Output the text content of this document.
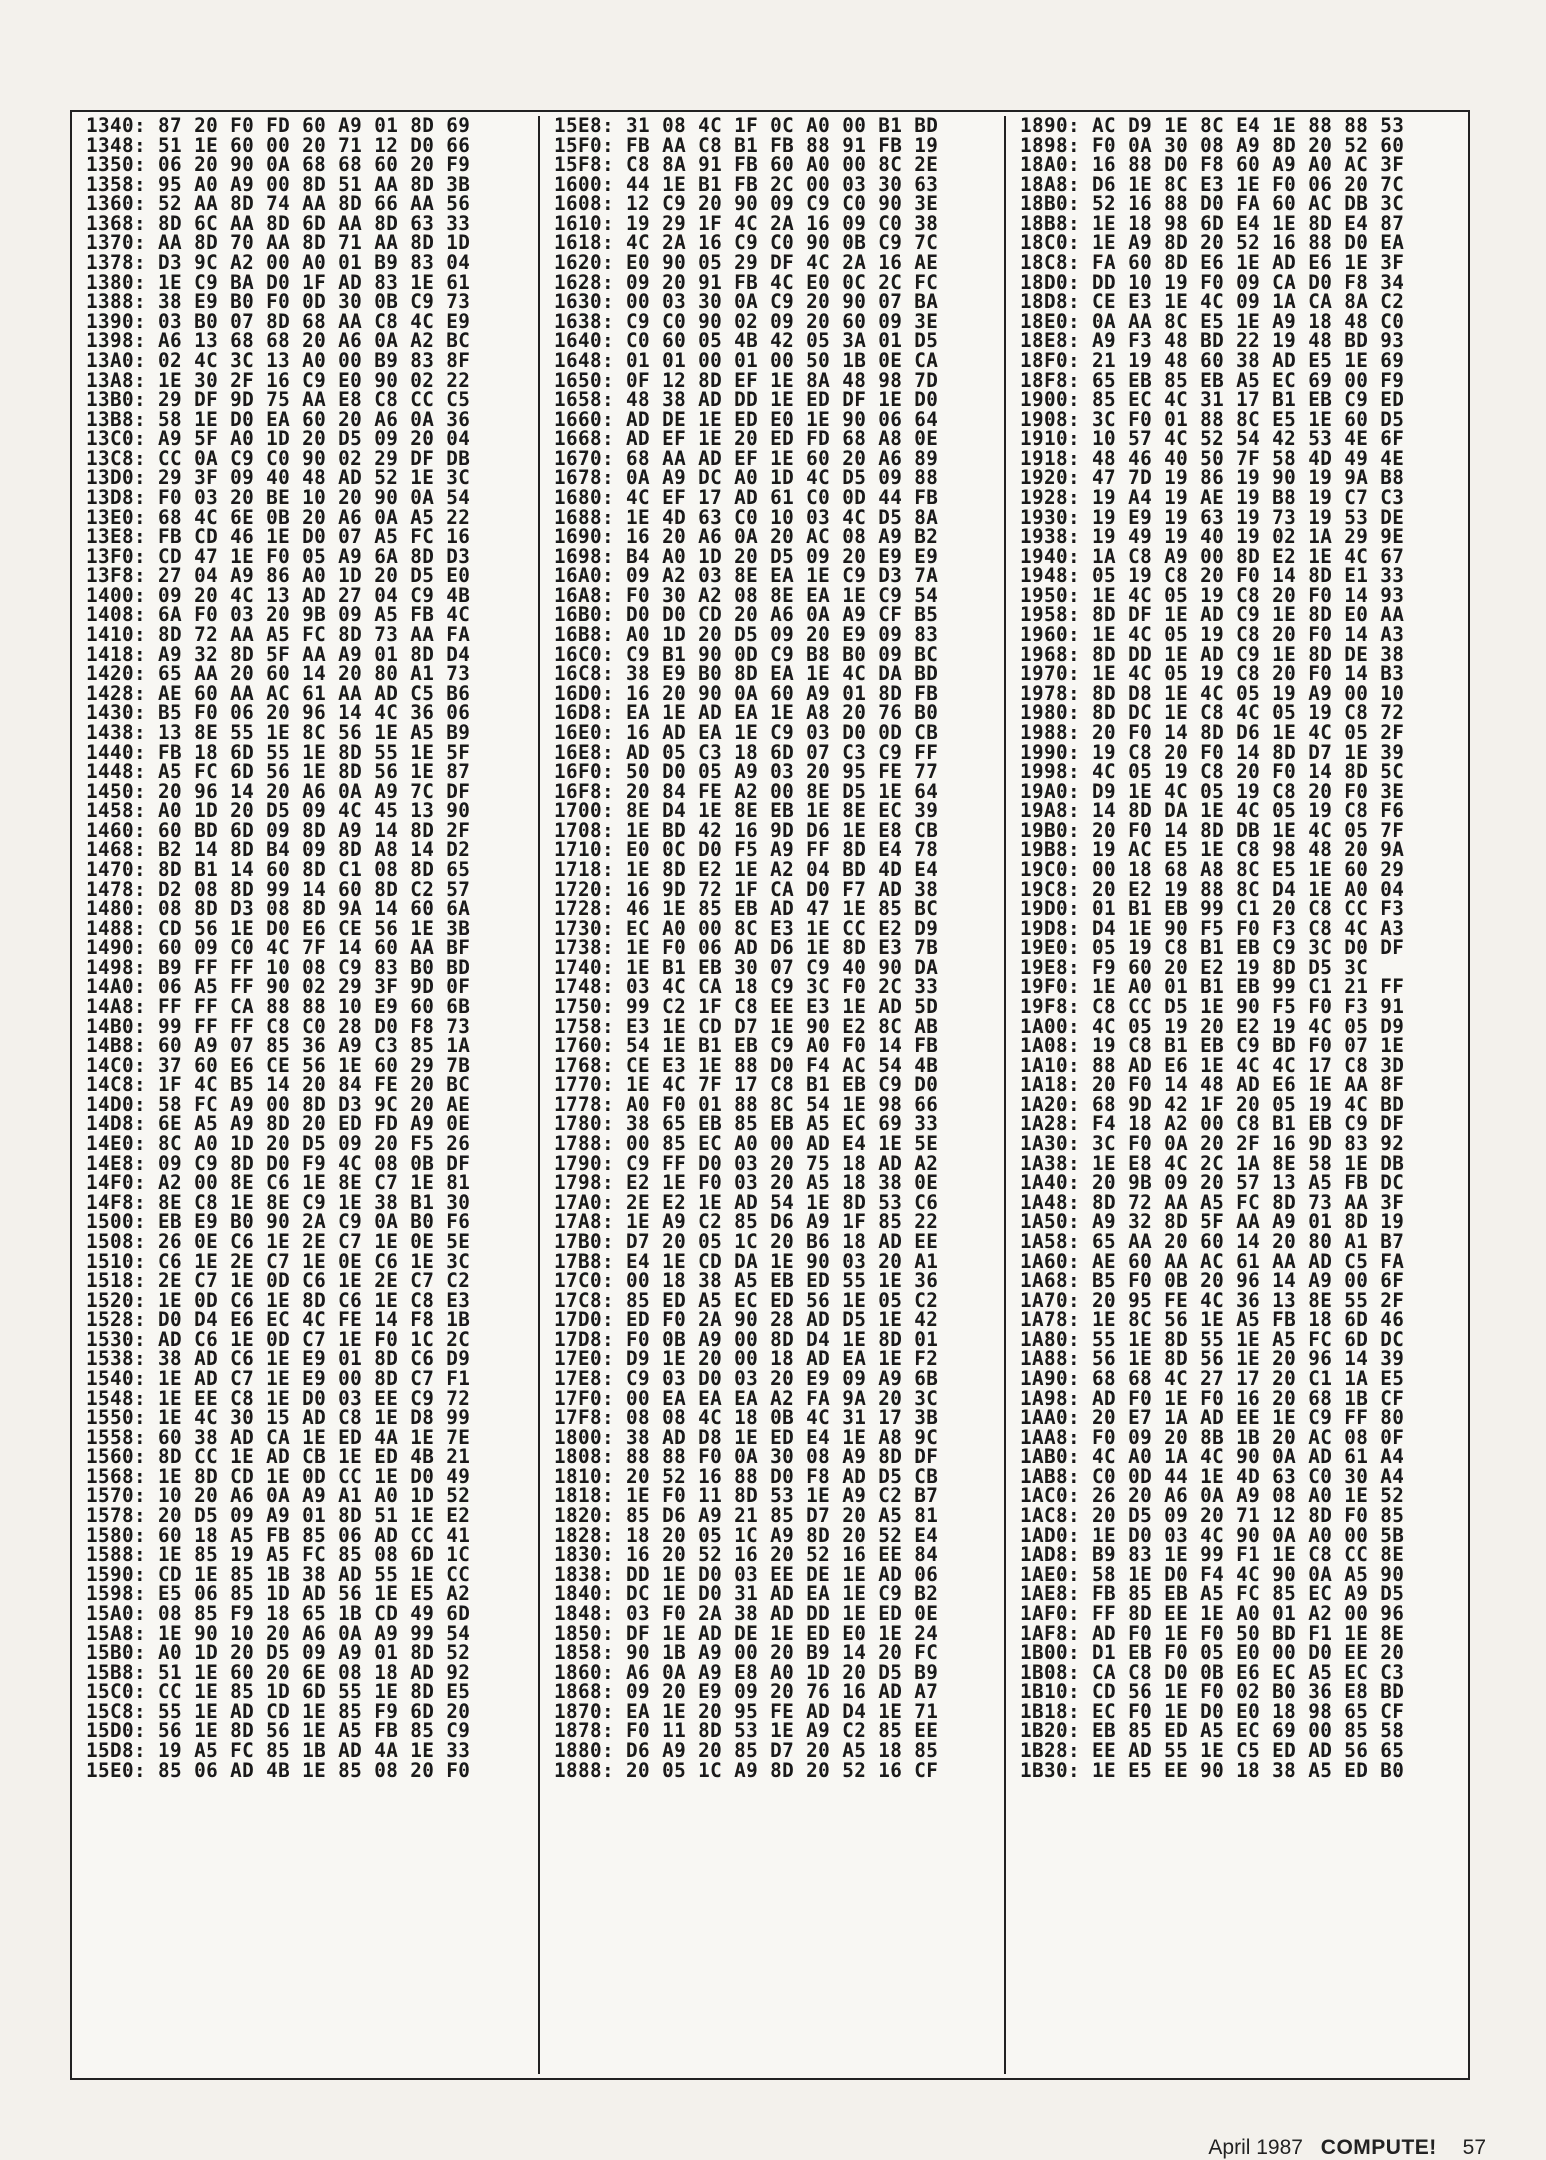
1340: 87 20 F0 FD 60 A9 01 8D 69
1348: 51 1E 60 00 20 71 12 D0 66
1350: 06 20 90 0A 68 68 60 20 F9
1358: 95 A0 A9 00 8D 51 AA 8D 3B
1360: 52 AA 8D 74 AA 8D 66 AA 56
1368: 8D 6C AA 8D 6D AA 8D 63 33
1370: AA 8D 70 AA 8D 71 AA 8D 1D
1378: D3 9C A2 00 A0 01 B9 83 04
1380: 1E C9 BA D0 1F AD 83 1E 61
1388: 38 E9 B0 F0 0D 30 0B C9 73
1390: 03 B0 07 8D 68 AA C8 4C E9
1398: A6 13 68 68 20 A6 0A A2 BC
13A0: 02 4C 3C 13 A0 00 B9 83 8F
13A8: 1E 30 2F 16 C9 E0 90 02 22
13B0: 29 DF 9D 75 AA E8 C8 CC C5
13B8: 58 1E D0 EA 60 20 A6 0A 36
13C0: A9 5F A0 1D 20 D5 09 20 04
13C8: CC 0A C9 C0 90 02 29 DF DB
13D0: 29 3F 09 40 48 AD 52 1E 3C
13D8: F0 03 20 BE 10 20 90 0A 54
13E0: 68 4C 6E 0B 20 A6 0A A5 22
13E8: FB CD 46 1E D0 07 A5 FC 16
13F0: CD 47 1E F0 05 A9 6A 8D D3
13F8: 27 04 A9 86 A0 1D 20 D5 E0
1400: 09 20 4C 13 AD 27 04 C9 4B
1408: 6A F0 03 20 9B 09 A5 FB 4C
1410: 8D 72 AA A5 FC 8D 73 AA FA
1418: A9 32 8D 5F AA A9 01 8D D4
1420: 65 AA 20 60 14 20 80 A1 73
1428: AE 60 AA AC 61 AA AD C5 B6
1430: B5 F0 06 20 96 14 4C 36 06
1438: 13 8E 55 1E 8C 56 1E A5 B9
1440: FB 18 6D 55 1E 8D 55 1E 5F
1448: A5 FC 6D 56 1E 8D 56 1E 87
1450: 20 96 14 20 A6 0A A9 7C DF
1458: A0 1D 20 D5 09 4C 45 13 90
1460: 60 BD 6D 09 8D A9 14 8D 2F
1468: B2 14 8D B4 09 8D A8 14 D2
1470: 8D B1 14 60 8D C1 08 8D 65
1478: D2 08 8D 99 14 60 8D C2 57
1480: 08 8D D3 08 8D 9A 14 60 6A
1488: CD 56 1E D0 E6 CE 56 1E 3B
1490: 60 09 C0 4C 7F 14 60 AA BF
1498: B9 FF FF 10 08 C9 83 B0 BD
14A0: 06 A5 FF 90 02 29 3F 9D 0F
14A8: FF FF CA 88 88 10 E9 60 6B
14B0: 99 FF FF C8 C0 28 D0 F8 73
14B8: 60 A9 07 85 36 A9 C3 85 1A
14C0: 37 60 E6 CE 56 1E 60 29 7B
14C8: 1F 4C B5 14 20 84 FE 20 BC
14D0: 58 FC A9 00 8D D3 9C 20 AE
14D8: 6E A5 A9 8D 20 ED FD A9 0E
14E0: 8C A0 1D 20 D5 09 20 F5 26
14E8: 09 C9 8D D0 F9 4C 08 0B DF
14F0: A2 00 8E C6 1E 8E C7 1E 81
14F8: 8E C8 1E 8E C9 1E 38 B1 30
1500: EB E9 B0 90 2A C9 0A B0 F6
1508: 26 0E C6 1E 2E C7 1E 0E 5E
1510: C6 1E 2E C7 1E 0E C6 1E 3C
1518: 2E C7 1E 0D C6 1E 2E C7 C2
1520: 1E 0D C6 1E 8D C6 1E C8 E3
1528: D0 D4 E6 EC 4C FE 14 F8 1B
1530: AD C6 1E 0D C7 1E F0 1C 2C
1538: 38 AD C6 1E E9 01 8D C6 D9
1540: 1E AD C7 1E E9 00 8D C7 F1
1548: 1E EE C8 1E D0 03 EE C9 72
1550: 1E 4C 30 15 AD C8 1E D8 99
1558: 60 38 AD CA 1E ED 4A 1E 7E
1560: 8D CC 1E AD CB 1E ED 4B 21
1568: 1E 8D CD 1E 0D CC 1E D0 49
1570: 10 20 A6 0A A9 A1 A0 1D 52
1578: 20 D5 09 A9 01 8D 51 1E E2
1580: 60 18 A5 FB 85 06 AD CC 41
1588: 1E 85 19 A5 FC 85 08 6D 1C
1590: CD 1E 85 1B 38 AD 55 1E CC
1598: E5 06 85 1D AD 56 1E E5 A2
15A0: 08 85 F9 18 65 1B CD 49 6D
15A8: 1E 90 10 20 A6 0A A9 99 54
15B0: A0 1D 20 D5 09 A9 01 8D 52
15B8: 51 1E 60 20 6E 08 18 AD 92
15C0: CC 1E 85 1D 6D 55 1E 8D E5
15C8: 55 1E AD CD 1E 85 F9 6D 20
15D0: 56 1E 8D 56 1E A5 FB 85 C9
15D8: 19 A5 FC 85 1B AD 4A 1E 33
15E0: 85 06 AD 4B 1E 85 08 20 F0
15E8: 31 08 4C 1F 0C A0 00 B1 BD
15F0: FB AA C8 B1 FB 88 91 FB 19
15F8: C8 8A 91 FB 60 A0 00 8C 2E
1600: 44 1E B1 FB 2C 00 03 30 63
1608: 12 C9 20 90 09 C9 C0 90 3E
1610: 19 29 1F 4C 2A 16 09 C0 38
1618: 4C 2A 16 C9 C0 90 0B C9 7C
1620: E0 90 05 29 DF 4C 2A 16 AE
1628: 09 20 91 FB 4C E0 0C 2C FC
1630: 00 03 30 0A C9 20 90 07 BA
1638: C9 C0 90 02 09 20 60 09 3E
1640: C0 60 05 4B 42 05 3A 01 D5
1648: 01 01 00 01 00 50 1B 0E CA
1650: 0F 12 8D EF 1E 8A 48 98 7D
1658: 48 38 AD DD 1E ED DF 1E D0
1660: AD DE 1E ED E0 1E 90 06 64
1668: AD EF 1E 20 ED FD 68 A8 0E
1670: 68 AA AD EF 1E 60 20 A6 89
1678: 0A A9 DC A0 1D 4C D5 09 88
1680: 4C EF 17 AD 61 C0 0D 44 FB
1688: 1E 4D 63 C0 10 03 4C D5 8A
1690: 16 20 A6 0A 20 AC 08 A9 B2
1698: B4 A0 1D 20 D5 09 20 E9 E9
16A0: 09 A2 03 8E EA 1E C9 D3 7A
16A8: F0 30 A2 08 8E EA 1E C9 54
16B0: D0 D0 CD 20 A6 0A A9 CF B5
16B8: A0 1D 20 D5 09 20 E9 09 83
16C0: C9 B1 90 0D C9 B8 B0 09 BC
16C8: 38 E9 B0 8D EA 1E 4C DA BD
16D0: 16 20 90 0A 60 A9 01 8D FB
16D8: EA 1E AD EA 1E A8 20 76 B0
16E0: 16 AD EA 1E C9 03 D0 0D CB
16E8: AD 05 C3 18 6D 07 C3 C9 FF
16F0: 50 D0 05 A9 03 20 95 FE 77
16F8: 20 84 FE A2 00 8E D5 1E 64
1700: 8E D4 1E 8E EB 1E 8E EC 39
1708: 1E BD 42 16 9D D6 1E E8 CB
1710: E0 0C D0 F5 A9 FF 8D E4 78
1718: 1E 8D E2 1E A2 04 BD 4D E4
1720: 16 9D 72 1F CA D0 F7 AD 38
1728: 46 1E 85 EB AD 47 1E 85 BC
1730: EC A0 00 8C E3 1E CC E2 D9
1738: 1E F0 06 AD D6 1E 8D E3 7B
1740: 1E B1 EB 30 07 C9 40 90 DA
1748: 03 4C CA 18 C9 3C F0 2C 33
1750: 99 C2 1F C8 EE E3 1E AD 5D
1758: E3 1E CD D7 1E 90 E2 8C AB
1760: 54 1E B1 EB C9 A0 F0 14 FB
1768: CE E3 1E 88 D0 F4 AC 54 4B
1770: 1E 4C 7F 17 C8 B1 EB C9 D0
1778: A0 F0 01 88 8C 54 1E 98 66
1780: 38 65 EB 85 EB A5 EC 69 33
1788: 00 85 EC A0 00 AD E4 1E 5E
1790: C9 FF D0 03 20 75 18 AD A2
1798: E2 1E F0 03 20 A5 18 38 0E
17A0: 2E E2 1E AD 54 1E 8D 53 C6
17A8: 1E A9 C2 85 D6 A9 1F 85 22
17B0: D7 20 05 1C 20 B6 18 AD EE
17B8: E4 1E CD DA 1E 90 03 20 A1
17C0: 00 18 38 A5 EB ED 55 1E 36
17C8: 85 ED A5 EC ED 56 1E 05 C2
17D0: ED F0 2A 90 28 AD D5 1E 42
17D8: F0 0B A9 00 8D D4 1E 8D 01
17E0: D9 1E 20 00 18 AD EA 1E F2
17E8: C9 03 D0 03 20 E9 09 A9 6B
17F0: 00 EA EA EA A2 FA 9A 20 3C
17F8: 08 08 4C 18 0B 4C 31 17 3B
1800: 38 AD D8 1E ED E4 1E A8 9C
1808: 88 88 F0 0A 30 08 A9 8D DF
1810: 20 52 16 88 D0 F8 AD D5 CB
1818: 1E F0 11 8D 53 1E A9 C2 B7
1820: 85 D6 A9 21 85 D7 20 A5 81
1828: 18 20 05 1C A9 8D 20 52 E4
1830: 16 20 52 16 20 52 16 EE 84
1838: DD 1E D0 03 EE DE 1E AD 06
1840: DC 1E D0 31 AD EA 1E C9 B2
1848: 03 F0 2A 38 AD DD 1E ED 0E
1850: DF 1E AD DE 1E ED E0 1E 24
1858: 90 1B A9 00 20 B9 14 20 FC
1860: A6 0A A9 E8 A0 1D 20 D5 B9
1868: 09 20 E9 09 20 76 16 AD A7
1870: EA 1E 20 95 FE AD D4 1E 71
1878: F0 11 8D 53 1E A9 C2 85 EE
1880: D6 A9 20 85 D7 20 A5 18 85
1888: 20 05 1C A9 8D 20 52 16 CF
1890: AC D9 1E 8C E4 1E 88 88 53
1898: F0 0A 30 08 A9 8D 20 52 60
18A0: 16 88 D0 F8 60 A9 A0 AC 3F
18A8: D6 1E 8C E3 1E F0 06 20 7C
18B0: 52 16 88 D0 FA 60 AC DB 3C
18B8: 1E 18 98 6D E4 1E 8D E4 87
18C0: 1E A9 8D 20 52 16 88 D0 EA
18C8: FA 60 8D E6 1E AD E6 1E 3F
18D0: DD 10 19 F0 09 CA D0 F8 34
18D8: CE E3 1E 4C 09 1A CA 8A C2
18E0: 0A AA 8C E5 1E A9 18 48 C0
18E8: A9 F3 48 BD 22 19 48 BD 93
18F0: 21 19 48 60 38 AD E5 1E 69
18F8: 65 EB 85 EB A5 EC 69 00 F9
1900: 85 EC 4C 31 17 B1 EB C9 ED
1908: 3C F0 01 88 8C E5 1E 60 D5
1910: 10 57 4C 52 54 42 53 4E 6F
1918: 48 46 40 50 7F 58 4D 49 4E
1920: 47 7D 19 86 19 90 19 9A B8
1928: 19 A4 19 AE 19 B8 19 C7 C3
1930: 19 E9 19 63 19 73 19 53 DE
1938: 19 49 19 40 19 02 1A 29 9E
1940: 1A C8 A9 00 8D E2 1E 4C 67
1948: 05 19 C8 20 F0 14 8D E1 33
1950: 1E 4C 05 19 C8 20 F0 14 93
1958: 8D DF 1E AD C9 1E 8D E0 AA
1960: 1E 4C 05 19 C8 20 F0 14 A3
1968: 8D DD 1E AD C9 1E 8D DE 38
1970: 1E 4C 05 19 C8 20 F0 14 B3
1978: 8D D8 1E 4C 05 19 A9 00 10
1980: 8D DC 1E C8 4C 05 19 C8 72
1988: 20 F0 14 8D D6 1E 4C 05 2F
1990: 19 C8 20 F0 14 8D D7 1E 39
1998: 4C 05 19 C8 20 F0 14 8D 5C
19A0: D9 1E 4C 05 19 C8 20 F0 3E
19A8: 14 8D DA 1E 4C 05 19 C8 F6
19B0: 20 F0 14 8D DB 1E 4C 05 7F
19B8: 19 AC E5 1E C8 98 48 20 9A
19C0: 00 18 68 A8 8C E5 1E 60 29
19C8: 20 E2 19 88 8C D4 1E A0 04
19D0: 01 B1 EB 99 C1 20 C8 CC F3
19D8: D4 1E 90 F5 F0 F3 C8 4C A3
19E0: 05 19 C8 B1 EB C9 3C D0 DF
19E8: F9 60 20 E2 19 8D D5 3C
19F0: 1E A0 01 B1 EB 99 C1 21 FF
19F8: C8 CC D5 1E 90 F5 F0 F3 91
1A00: 4C 05 19 20 E2 19 4C 05 D9
1A08: 19 C8 B1 EB C9 BD F0 07 1E
1A10: 88 AD E6 1E 4C 4C 17 C8 3D
1A18: 20 F0 14 48 AD E6 1E AA 8F
1A20: 68 9D 42 1F 20 05 19 4C BD
1A28: F4 18 A2 00 C8 B1 EB C9 DF
1A30: 3C F0 0A 20 2F 16 9D 83 92
1A38: 1E E8 4C 2C 1A 8E 58 1E DB
1A40: 20 9B 09 20 57 13 A5 FB DC
1A48: 8D 72 AA A5 FC 8D 73 AA 3F
1A50: A9 32 8D 5F AA A9 01 8D 19
1A58: 65 AA 20 60 14 20 80 A1 B7
1A60: AE 60 AA AC 61 AA AD C5 FA
1A68: B5 F0 0B 20 96 14 A9 00 6F
1A70: 20 95 FE 4C 36 13 8E 55 2F
1A78: 1E 8C 56 1E A5 FB 18 6D 46
1A80: 55 1E 8D 55 1E A5 FC 6D DC
1A88: 56 1E 8D 56 1E 20 96 14 39
1A90: 68 68 4C 27 17 20 C1 1A E5
1A98: AD F0 1E F0 16 20 68 1B CF
1AA0: 20 E7 1A AD EE 1E C9 FF 80
1AA8: F0 09 20 8B 1B 20 AC 08 0F
1AB0: 4C A0 1A 4C 90 0A AD 61 A4
1AB8: C0 0D 44 1E 4D 63 C0 30 A4
1AC0: 26 20 A6 0A A9 08 A0 1E 52
1AC8: 20 D5 09 20 71 12 8D F0 85
1AD0: 1E D0 03 4C 90 0A A0 00 5B
1AD8: B9 83 1E 99 F1 1E C8 CC 8E
1AE0: 58 1E D0 F4 4C 90 0A A5 90
1AE8: FB 85 EB A5 FC 85 EC A9 D5
1AF0: FF 8D EE 1E A0 01 A2 00 96
1AF8: AD F0 1E F0 50 BD F1 1E 8E
1B00: D1 EB F0 05 E0 00 D0 EE 20
1B08: CA C8 D0 0B E6 EC A5 EC C3
1B10: CD 56 1E F0 02 B0 36 E8 BD
1B18: EC F0 1E D0 E0 18 98 65 CF
1B20: EB 85 ED A5 EC 69 00 85 58
1B28: EE AD 55 1E C5 ED AD 56 65
1B30: 1E E5 EE 90 18 38 A5 ED B0
April 1987 COMPUTE! 57
